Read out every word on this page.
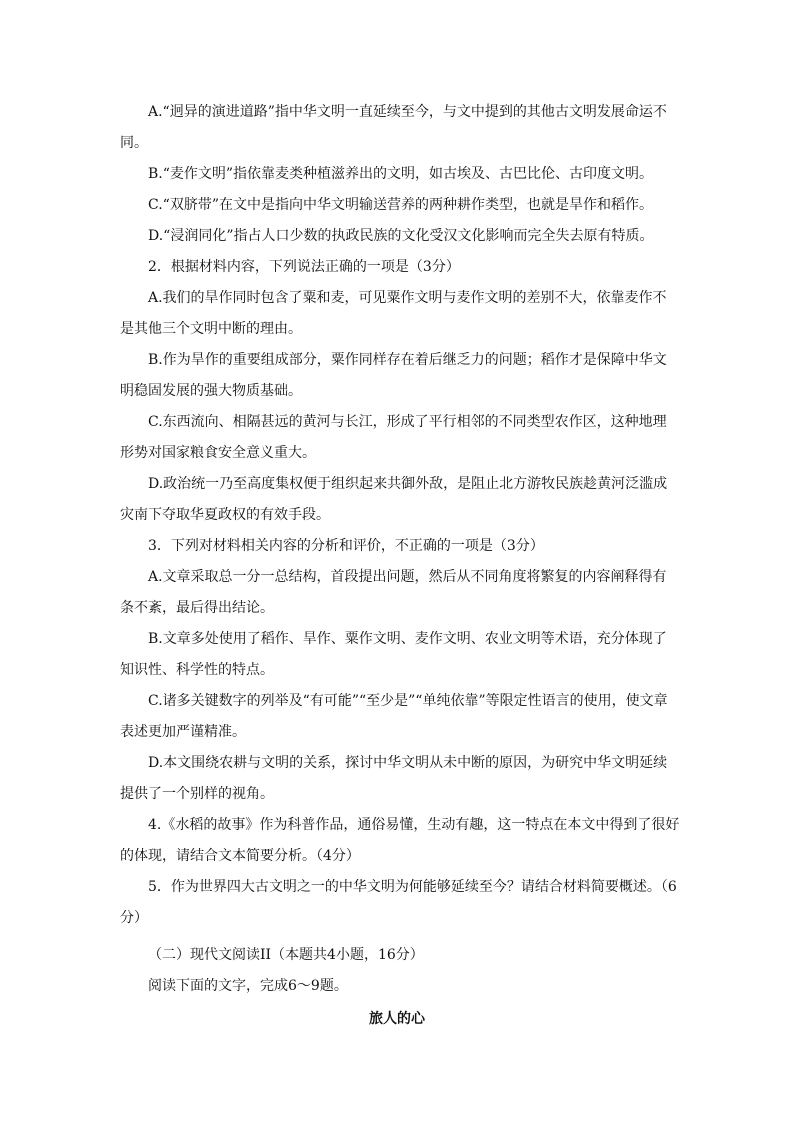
A.“迥异的演进道路”指中华文明一直延续至今，与文中提到的其他古文明发展命运不同。

B.“麦作文明”指依靠麦类种植滋养出的文明，如古埃及、古巴比伦、古印度文明。

C.“双脐带”在文中是指向中华文明输送营养的两种耕作类型，也就是旱作和稻作。

D.“浸润同化”指占人口少数的执政民族的文化受汉文化影响而完全失去原有特质。

2．根据材料内容，下列说法正确的一项是（3分）

A.我们的旱作同时包含了粟和麦，可见粟作文明与麦作文明的差别不大，依靠麦作不是其他三个文明中断的理由。

B.作为旱作的重要组成部分，粟作同样存在着后继乏力的问题；稻作才是保障中华文明稳固发展的强大物质基础。

C.东西流向、相隔甚远的黄河与长江，形成了平行相邻的不同类型农作区，这种地理形势对国家粮食安全意义重大。

D.政治统一乃至高度集权便于组织起来共御外敌，是阻止北方游牧民族趁黄河泛滥成灾南下夺取华夏政权的有效手段。

3．下列对材料相关内容的分析和评价，不正确的一项是（3分）

A.文章采取总一分一总结构，首段提出问题，然后从不同角度将繁复的内容阐释得有条不紊，最后得出结论。

B.文章多处使用了稻作、旱作、粟作文明、麦作文明、农业文明等术语，充分体现了知识性、科学性的特点。

C.诸多关键数字的列举及“有可能”“至少是”“单纯依靠”等限定性语言的使用，使文章表述更加严谨精准。

D.本文围绕农耕与文明的关系，探讨中华文明从未中断的原因，为研究中华文明延续提供了一个别样的视角。

4.《水稻的故事》作为科普作品，通俗易懂，生动有趣，这一特点在本文中得到了很好的体现，请结合文本简要分析。（4分）

5．作为世界四大古文明之一的中华文明为何能够延续至今？请结合材料简要概述。（6分）

（二）现代文阅读II（本题共4小题，16分）

阅读下面的文字，完成6～9题。

旅人的心
